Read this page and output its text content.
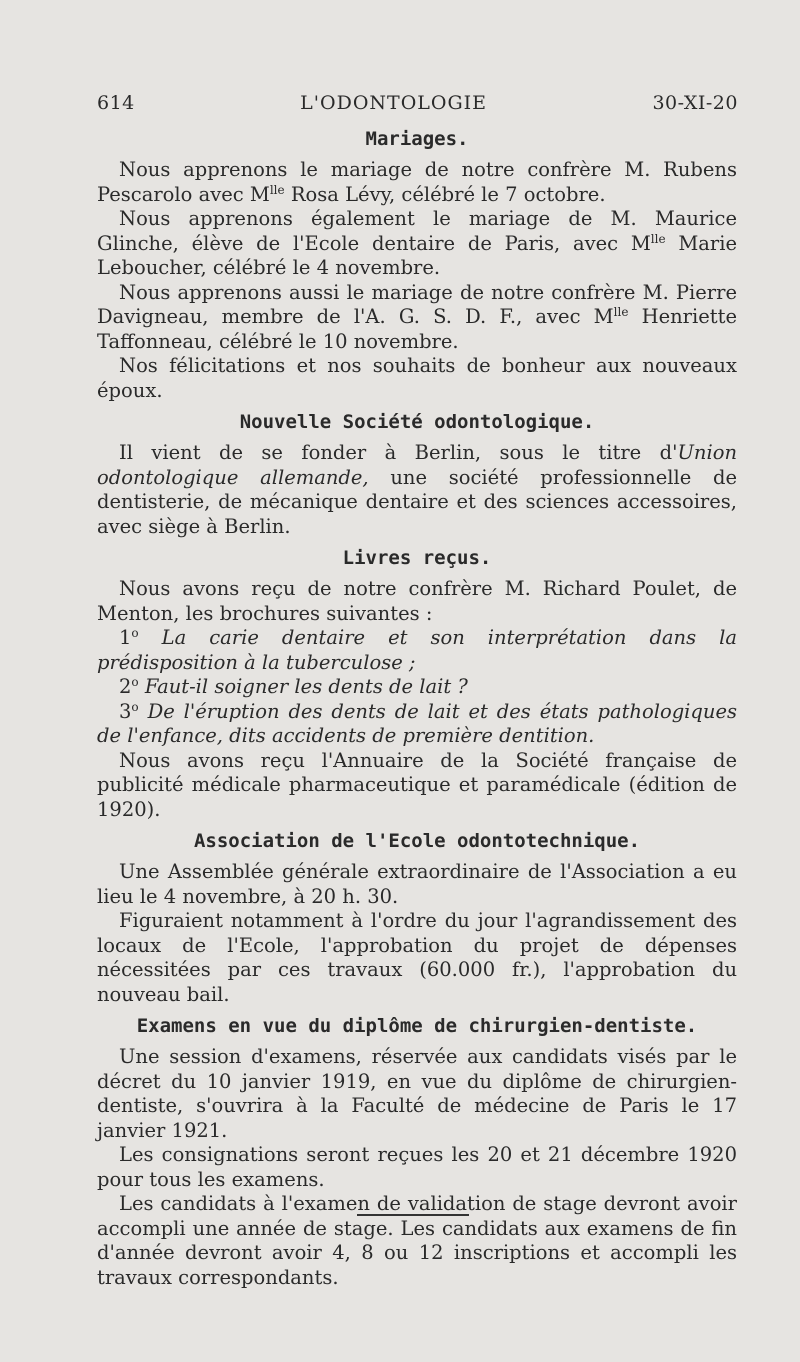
614	L'ODONTOLOGIE	30-XI-20
Mariages.

Nous apprenons le mariage de notre confrère M. Rubens Pescarolo avec $M^{lle}$ Rosa Lévy, célébré le 7 octobre.

Nous apprenons également le mariage de M. Maurice Glinche, élève de l'Ecole dentaire de Paris, avec $M^{lle}$ Marie Leboucher, célébré le 4 novembre.

Nous apprenons aussi le mariage de notre confrère M. Pierre Davigneau, membre de l'A. G. S. D. F., avec $M^{lle}$ Henriette Taffonneau, célébré le 10 novembre.

Nos félicitations et nos souhaits de bonheur aux nouveaux époux.

Nouvelle Société odontologique.

Il vient de se fonder à Berlin, sous le titre d'Union odontologique allemande, une société professionnelle de dentisterie, de mécanique dentaire et des sciences accessoires, avec siège à Berlin.

Livres reçus.

Nous avons reçu de notre confrère M. Richard Poulet, de Menton, les brochures suivantes :

1$^o$ La carie dentaire et son interprétation dans la prédisposition à la tuberculose ;

2$^o$ Faut-il soigner les dents de lait ?

3$^o$ De l'éruption des dents de lait et des états pathologiques de l'enfance, dits accidents de première dentition.

Nous avons reçu l'Annuaire de la Société française de publicité médicale pharmaceutique et paramédicale (édition de 1920).

Association de l'Ecole odontotechnique.

Une Assemblée générale extraordinaire de l'Association a eu lieu le 4 novembre, à 20 h. 30.

Figuraient notamment à l'ordre du jour l'agrandissement des locaux de l'Ecole, l'approbation du projet de dépenses nécessitées par ces travaux (60.000 fr.), l'approbation du nouveau bail.

Examens en vue du diplôme de chirurgien-dentiste.

Une session d'examens, réservée aux candidats visés par le décret du 10 janvier 1919, en vue du diplôme de chirurgien-dentiste, s'ouvrira à la Faculté de médecine de Paris le 17 janvier 1921.

Les consignations seront reçues les 20 et 21 décembre 1920 pour tous les examens.

Les candidats à l'examen de validation de stage devront avoir accompli une année de stage. Les candidats aux examens de fin d'année devront avoir 4, 8 ou 12 inscriptions et accompli les travaux correspondants.
